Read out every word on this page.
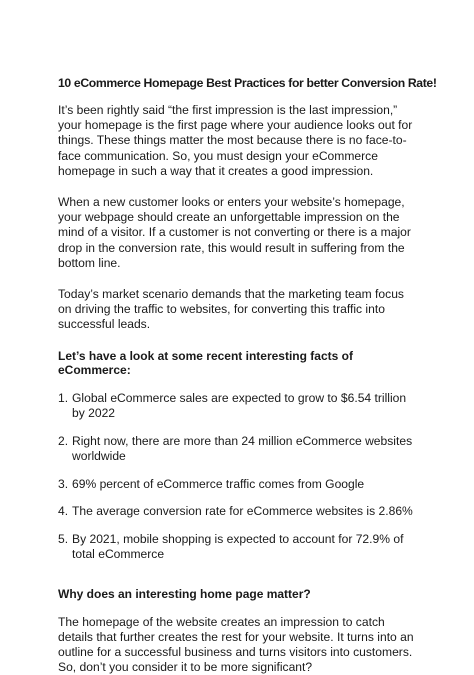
10 eCommerce Homepage Best Practices for better Conversion Rate!

It’s been rightly said “the first impression is the last impression,” your homepage is the first page where your audience looks out for things. These things matter the most because there is no face-to-face communication. So, you must design your eCommerce homepage in such a way that it creates a good impression.

When a new customer looks or enters your website’s homepage, your webpage should create an unforgettable impression on the mind of a visitor. If a customer is not converting or there is a major drop in the conversion rate, this would result in suffering from the bottom line.

Today’s market scenario demands that the marketing team focus on driving the traffic to websites, for converting this traffic into successful leads.

Let’s have a look at some recent interesting facts of eCommerce:
1. Global eCommerce sales are expected to grow to $6.54 trillion by 2022
2. Right now, there are more than 24 million eCommerce websites worldwide
3. 69% percent of eCommerce traffic comes from Google
4. The average conversion rate for eCommerce websites is 2.86%
5. By 2021, mobile shopping is expected to account for 72.9% of total eCommerce
Why does an interesting home page matter?

The homepage of the website creates an impression to catch details that further creates the rest for your website. It turns into an outline for a successful business and turns visitors into customers. So, don’t you consider it to be more significant?
